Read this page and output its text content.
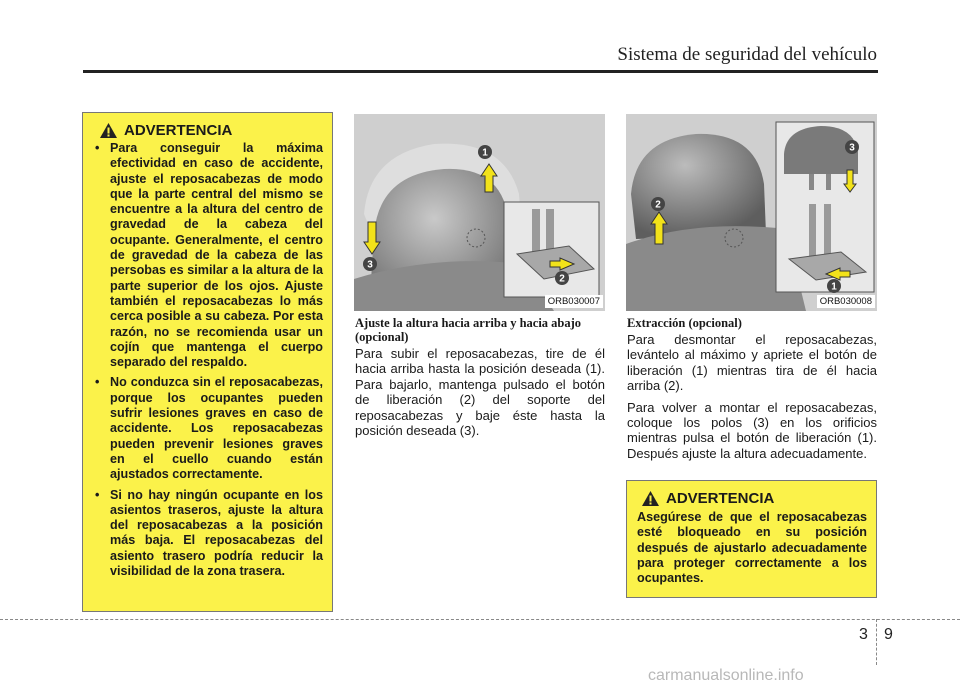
Sistema de seguridad del vehículo
ADVERTENCIA
• Para conseguir la máxima efectividad en caso de accidente, ajuste el reposacabezas de modo que la parte central del mismo se encuentre a la altura del centro de gravedad de la cabeza del ocupante. Generalmente, el centro de gravedad de la cabeza de las persobas es similar a la altura de la parte superior de los ojos. Ajuste también el reposacabezas lo más cerca posible a su cabeza. Por esta razón, no se recomienda usar un cojín que mantenga el cuerpo separado del respaldo.
• No conduzca sin el reposacabezas, porque los ocupantes pueden sufrir lesiones graves en caso de accidente. Los reposacabezas pueden prevenir lesiones graves en el cuello cuando están ajustados correctamente.
• Si no hay ningún ocupante en los asientos traseros, ajuste la altura del reposacabezas a la posición más baja. El reposacabezas del asiento trasero podría reducir la visibilidad de la zona trasera.
1
2
3
ORB030007
1
2
3
ORB030008
Ajuste la altura hacia arriba y hacia abajo (opcional)

Para subir el reposacabezas, tire de él hacia arriba hasta la posición deseada (1). Para bajarlo, mantenga pulsado el botón de liberación (2) del soporte del reposacabezas y baje éste hasta la posición deseada (3).

Extracción (opcional)

Para desmontar el reposacabezas, levántelo al máximo y apriete el botón de liberación (1) mientras tira de él hacia arriba (2).

Para volver a montar el reposacabezas, coloque los polos (3) en los orificios mientras pulsa el botón de liberación (1). Después ajuste la altura adecuadamente.

ADVERTENCIA
Asegúrese de que el reposacabezas esté bloqueado en su posición después de ajustarlo adecuadamente para proteger correctamente a los ocupantes.
3 9
carmanualsonline.info
